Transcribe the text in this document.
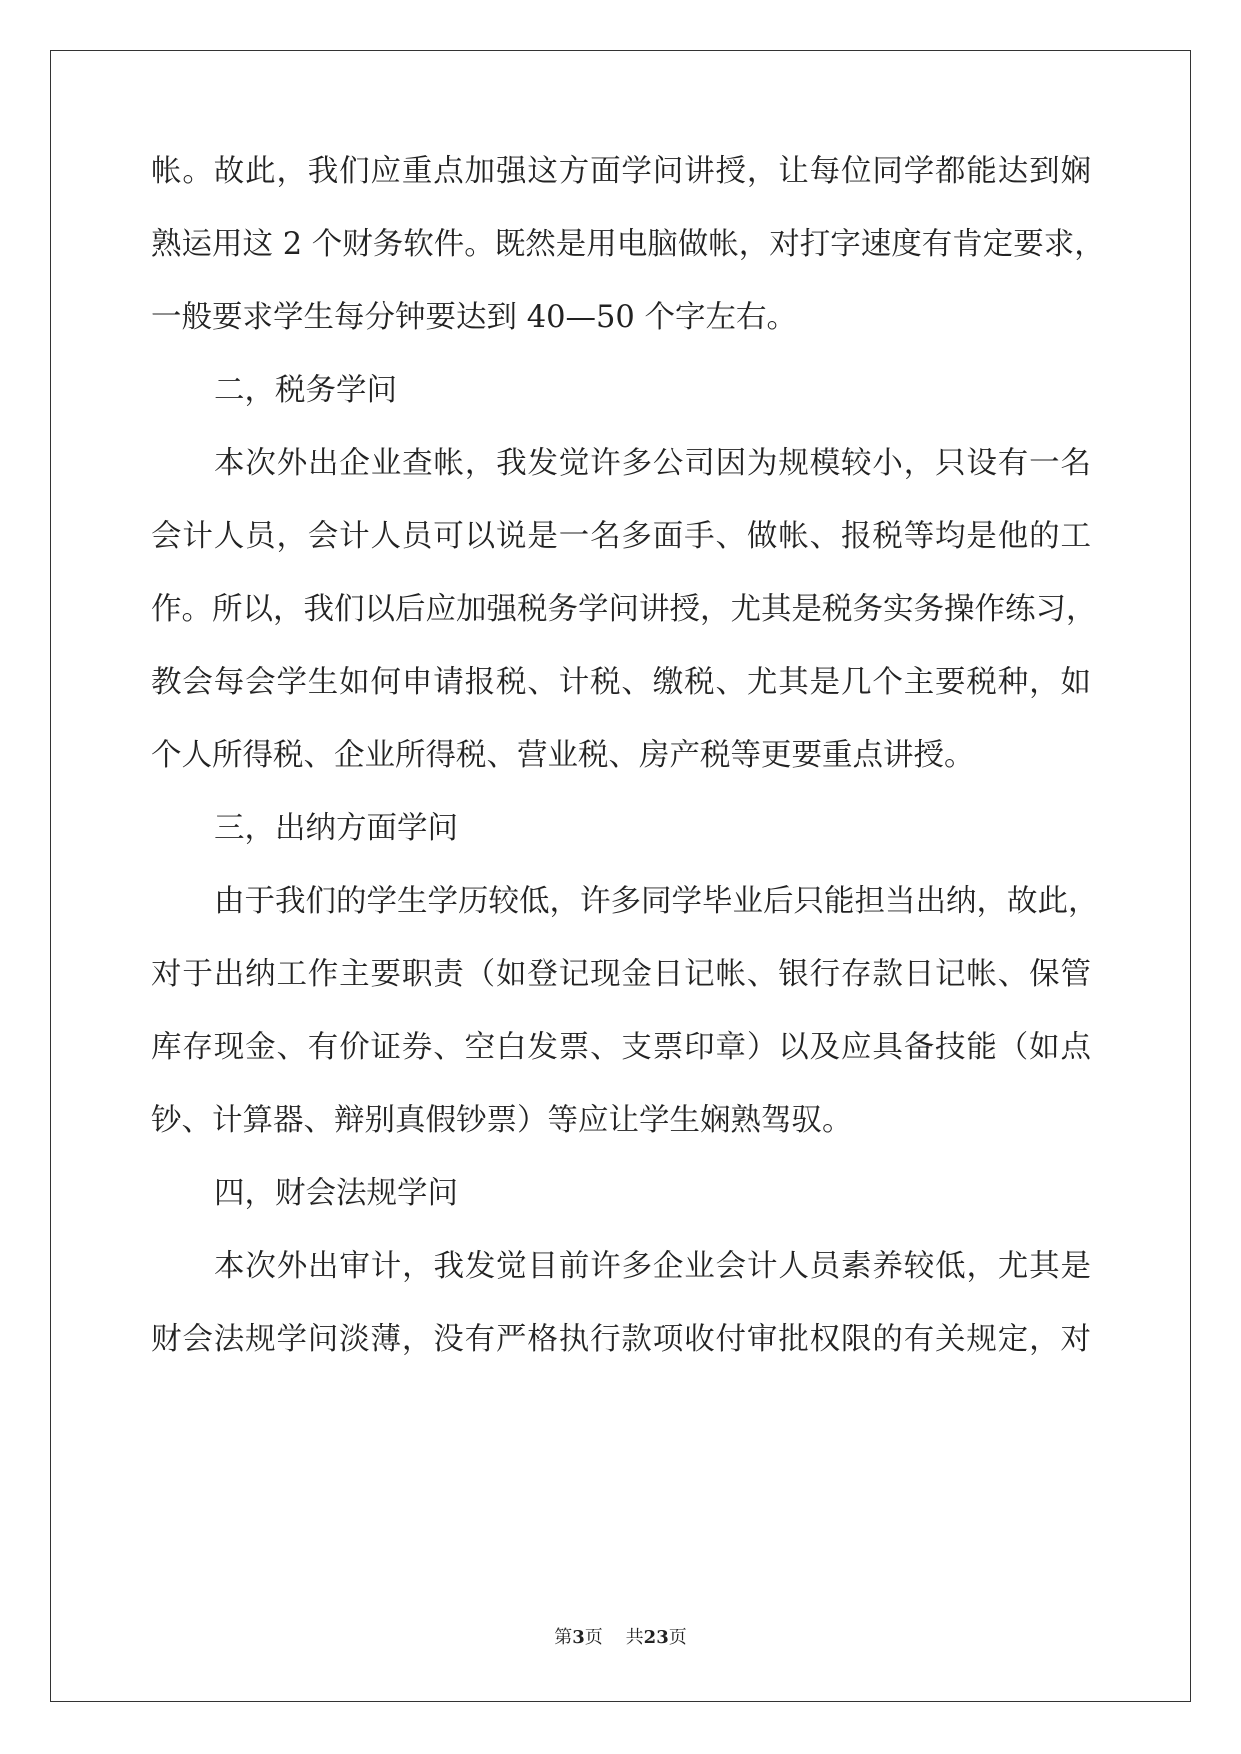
帐。故此，我们应重点加强这方面学问讲授，让每位同学都能达到娴
熟运用这 2 个财务软件。既然是用电脑做帐，对打字速度有肯定要求，
一般要求学生每分钟要达到 40—50 个字左右。
二，税务学问
本次外出企业查帐，我发觉许多公司因为规模较小，只设有一名
会计人员，会计人员可以说是一名多面手、做帐、报税等均是他的工
作。所以，我们以后应加强税务学问讲授，尤其是税务实务操作练习，
教会每会学生如何申请报税、计税、缴税、尤其是几个主要税种，如
个人所得税、企业所得税、营业税、房产税等更要重点讲授。
三，出纳方面学问
由于我们的学生学历较低，许多同学毕业后只能担当出纳，故此，
对于出纳工作主要职责（如登记现金日记帐、银行存款日记帐、保管
库存现金、有价证券、空白发票、支票印章）以及应具备技能（如点
钞、计算器、辩别真假钞票）等应让学生娴熟驾驭。
四，财会法规学问
本次外出审计，我发觉目前许多企业会计人员素养较低，尤其是
财会法规学问淡薄，没有严格执行款项收付审批权限的有关规定，对
第3页 共23页
